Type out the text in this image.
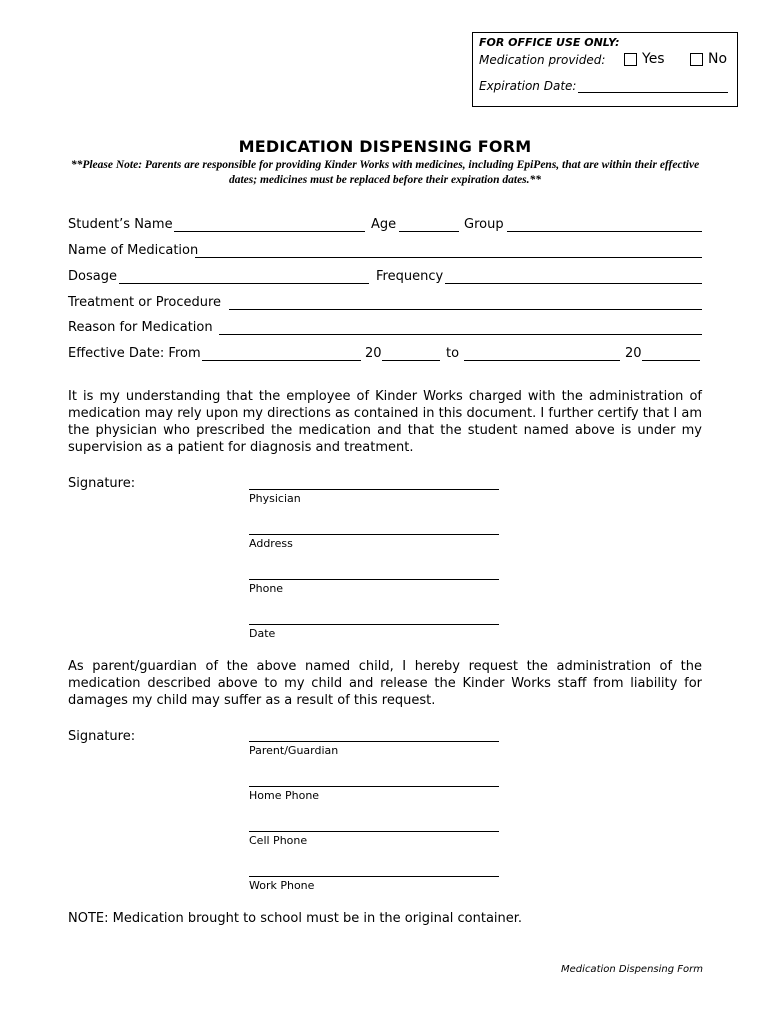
FOR OFFICE USE ONLY:
Medication provided:	Yes	No
Expiration Date:
MEDICATION DISPENSING FORM
**Please Note: Parents are responsible for providing Kinder Works with medicines, including EpiPens, that are within their effective dates; medicines must be replaced before their expiration dates.**
Student’s Name	Age	Group
Name of Medication
Dosage	Frequency
Treatment or Procedure
Reason for Medication
Effective Date: From	20	to	20
It is my understanding that the employee of Kinder Works charged with the administration of medication may rely upon my directions as contained in this document. I further certify that I am the physician who prescribed the medication and that the student named above is under my supervision as a patient for diagnosis and treatment.
Signature:
Physician
Address
Phone
Date
As parent/guardian of the above named child, I hereby request the administration of the medication described above to my child and release the Kinder Works staff from liability for damages my child may suffer as a result of this request.
Signature:
Parent/Guardian
Home Phone
Cell Phone
Work Phone
NOTE: Medication brought to school must be in the original container.
Medication Dispensing Form
